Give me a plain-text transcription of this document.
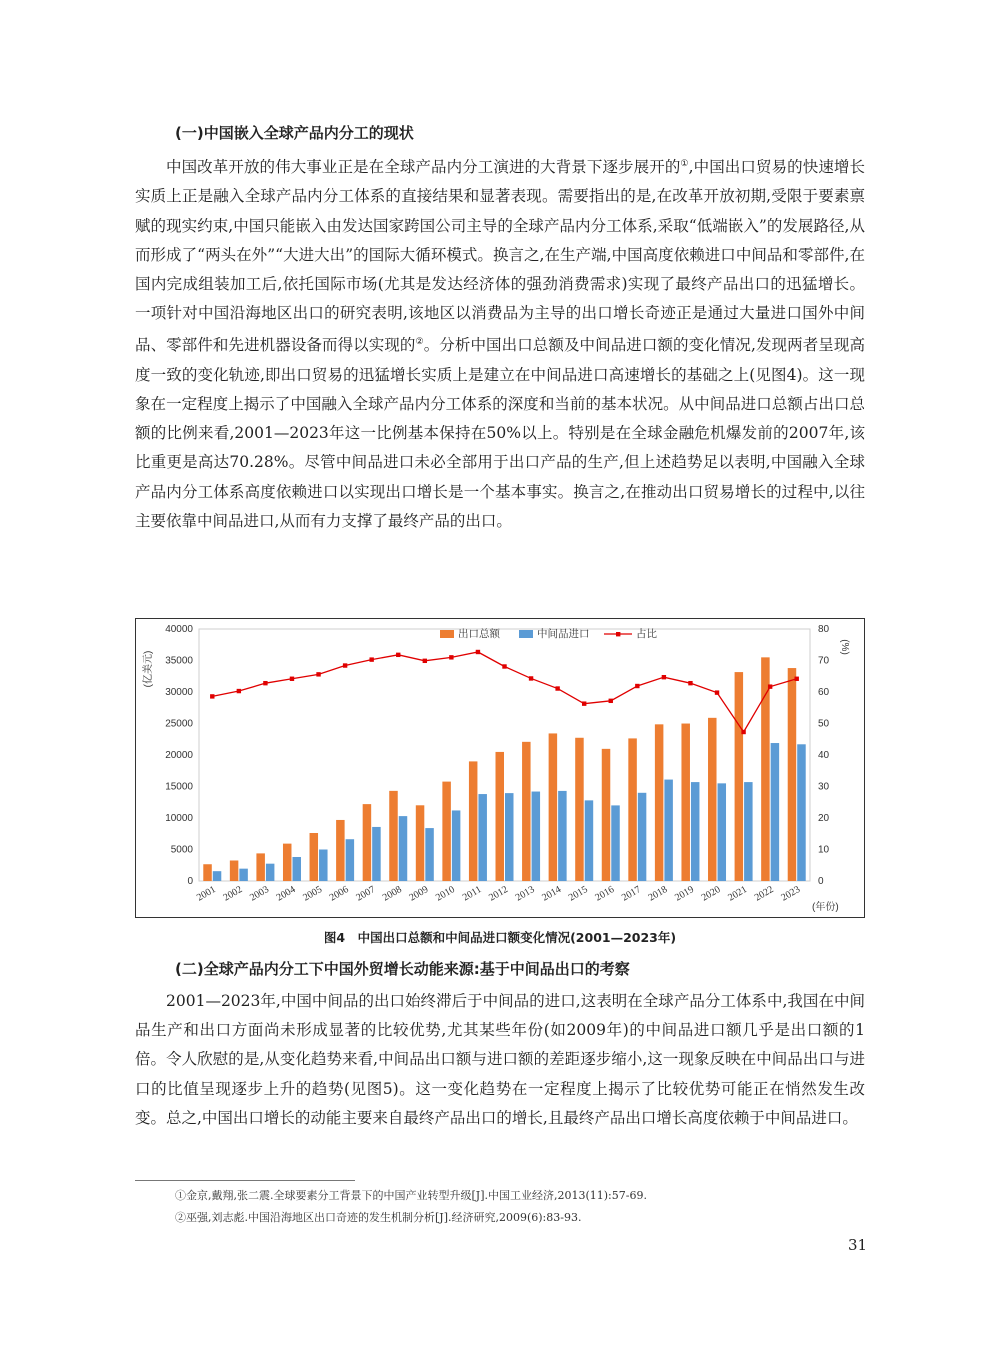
(一)中国嵌入全球产品内分工的现状

中国改革开放的伟大事业正是在全球产品内分工演进的大背景下逐步展开的①,中国出口贸易的快速增长实质上正是融入全球产品内分工体系的直接结果和显著表现。需要指出的是,在改革开放初期,受限于要素禀赋的现实约束,中国只能嵌入由发达国家跨国公司主导的全球产品内分工体系,采取“低端嵌入”的发展路径,从而形成了“两头在外”“大进大出”的国际大循环模式。换言之,在生产端,中国高度依赖进口中间品和零部件,在国内完成组装加工后,依托国际市场(尤其是发达经济体的强劲消费需求)实现了最终产品出口的迅猛增长。一项针对中国沿海地区出口的研究表明,该地区以消费品为主导的出口增长奇迹正是通过大量进口国外中间品、零部件和先进机器设备而得以实现的②。分析中国出口总额及中间品进口额的变化情况,发现两者呈现高度一致的变化轨迹,即出口贸易的迅猛增长实质上是建立在中间品进口高速增长的基础之上(见图4)。这一现象在一定程度上揭示了中国融入全球产品内分工体系的深度和当前的基本状况。从中间品进口总额占出口总额的比例来看,2001—2023年这一比例基本保持在50%以上。特别是在全球金融危机爆发前的2007年,该比重更是高达70.28%。尽管中间品进口未必全部用于出口产品的生产,但上述趋势足以表明,中国融入全球产品内分工体系高度依赖进口以实现出口增长是一个基本事实。换言之,在推动出口贸易增长的过程中,以往主要依靠中间品进口,从而有力支撑了最终产品的出口。

0
5000
10000
15000
20000
25000
30000
35000
40000
0
10
20
30
40
50
60
70
80
(亿美元)
(%)
2001 2002 2003 2004 2005 2006 2007 2008 2009 2010 2011 2012 2013 2014 2015 2016 2017 2018 2019 2020 2021 2022 2023
(年份)
出口总额	中间品进口	占比
图4　中国出口总额和中间品进口额变化情况(2001—2023年)
(二)全球产品内分工下中国外贸增长动能来源:基于中间品出口的考察

2001—2023年,中国中间品的出口始终滞后于中间品的进口,这表明在全球产品分工体系中,我国在中间品生产和出口方面尚未形成显著的比较优势,尤其某些年份(如2009年)的中间品进口额几乎是出口额的1倍。令人欣慰的是,从变化趋势来看,中间品出口额与进口额的差距逐步缩小,这一现象反映在中间品出口与进口的比值呈现逐步上升的趋势(见图5)。这一变化趋势在一定程度上揭示了比较优势可能正在悄然发生改变。总之,中国出口增长的动能主要来自最终产品出口的增长,且最终产品出口增长高度依赖于中间品进口。

①金京,戴翔,张二震.全球要素分工背景下的中国产业转型升级[J].中国工业经济,2013(11):57-69.
②巫强,刘志彪.中国沿海地区出口奇迹的发生机制分析[J].经济研究,2009(6):83-93.
31
